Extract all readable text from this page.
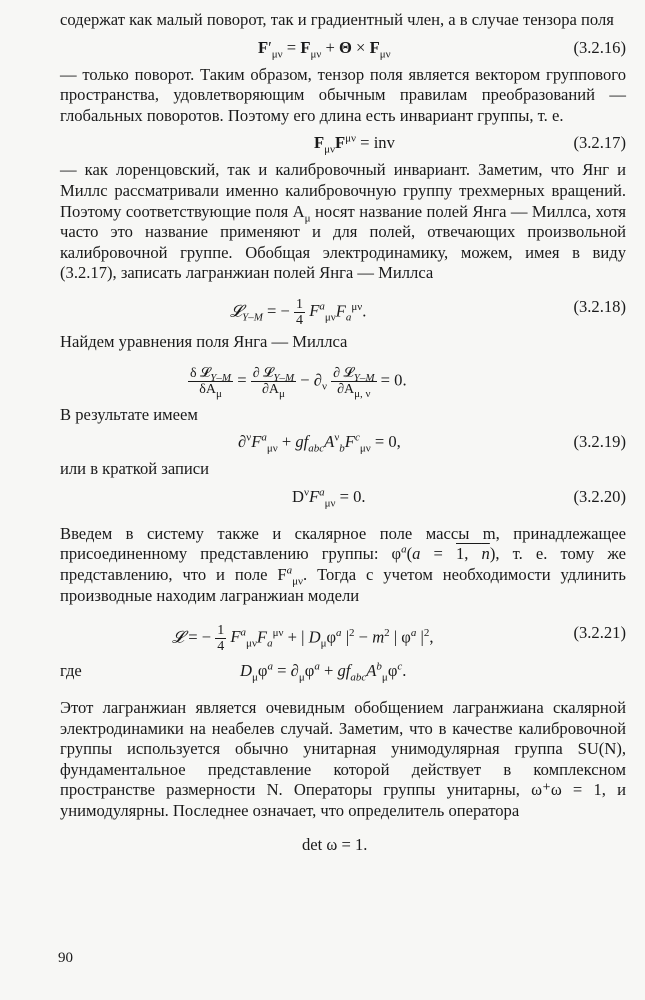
содержат как малый поворот, так и градиентный член, а в случае тензора поля

$F'_{\mu\nu} = F_{\mu\nu} + \Theta \times F_{\mu\nu}$	(3.2.16)

— только поворот. Таким образом, тензор поля является вектором группового пространства, удовлетворяющим обычным правилам преобразований — глобальных поворотов. Поэтому его длина есть инвариант группы, т. е.

$F_{\mu\nu}F^{\mu\nu}$ = inv	(3.2.17)

— как лоренцовский, так и калибровочный инвариант. Заметим, что Янг и Миллс рассматривали именно калибровочную группу трехмерных вращений. Поэтому соответствующие поля $A_\mu$ носят название полей Янга — Миллса, хотя часто это название применяют и для полей, отвечающих произвольной калибровочной группе. Обобщая электродинамику, можем, имея в виду (3.2.17), записать лагранжиан полей Янга — Миллса

𝓛$_{Y-M}$ = − $\frac{1}{4} F^a_{\mu\nu}F_a^{\mu\nu}$.	(3.2.18)

Найдем уравнения поля Янга — Миллса

$\frac{\delta 𝓛_{Y-M}}{\delta A_\mu} = \frac{\partial 𝓛_{Y-M}}{\partial A_\mu} - \partial_\nu \frac{\partial 𝓛_{Y-M}}{\partial A_{\mu, \nu}} = 0$.

В результате имеем

$\partial^\nu F^a_{\mu\nu} + gf_{abc}A^\nu_bF^c_{\mu\nu} = 0$,	(3.2.19)

или в краткой записи

$D^\nu F^a_{\mu\nu} = 0$.	(3.2.20)

Введем в систему также и скалярное поле массы m, принадлежащее присоединенному представлению группы: $\varphi^a(a = 1$, n), т. е. тому же представлению, что и поле $F^a_{\mu\nu}$. Тогда с учетом необходимости удлинить производные находим лагранжиан модели

𝓛 = − $\frac{1}{4} F^a_{\mu\nu}F_a^{\mu\nu}$ + | $D_\mu\varphi^a$ $|^2 - m^2$ | $\varphi^a$ $|^2$,	(3.2.21)
где	$D_\mu\varphi^a = \partial_\mu\varphi^a + gf_{abc}A^b_\mu\varphi^c$.

Этот лагранжиан является очевидным обобщением лагранжиана скалярной электродинамики на неабелев случай. Заметим, что в качестве калибровочной группы используется обычно унитарная унимодулярная группа SU(N), фундаментальное представление которой действует в комплексном пространстве размерности N. Операторы группы унитарны, ω⁺ω = 1, и унимодулярны. Последнее означает, что определитель оператора

det ω = 1.
90
